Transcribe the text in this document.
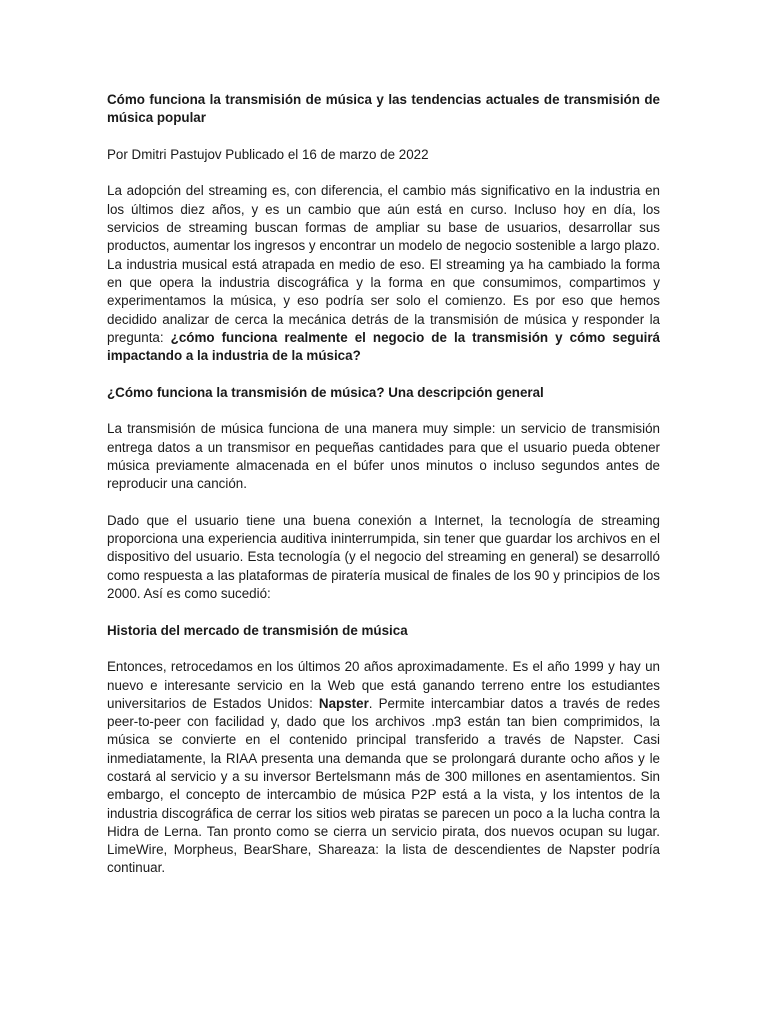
Cómo funciona la transmisión de música y las tendencias actuales de transmisión de música popular

Por Dmitri Pastujov Publicado el 16 de marzo de 2022

La adopción del streaming es, con diferencia, el cambio más significativo en la industria en los últimos diez años, y es un cambio que aún está en curso. Incluso hoy en día, los servicios de streaming buscan formas de ampliar su base de usuarios, desarrollar sus productos, aumentar los ingresos y encontrar un modelo de negocio sostenible a largo plazo. La industria musical está atrapada en medio de eso. El streaming ya ha cambiado la forma en que opera la industria discográfica y la forma en que consumimos, compartimos y experimentamos la música, y eso podría ser solo el comienzo. Es por eso que hemos decidido analizar de cerca la mecánica detrás de la transmisión de música y responder la pregunta: ¿cómo funciona realmente el negocio de la transmisión y cómo seguirá impactando a la industria de la música?

¿Cómo funciona la transmisión de música? Una descripción general

La transmisión de música funciona de una manera muy simple: un servicio de transmisión entrega datos a un transmisor en pequeñas cantidades para que el usuario pueda obtener música previamente almacenada en el búfer unos minutos o incluso segundos antes de reproducir una canción.

Dado que el usuario tiene una buena conexión a Internet, la tecnología de streaming proporciona una experiencia auditiva ininterrumpida, sin tener que guardar los archivos en el dispositivo del usuario. Esta tecnología (y el negocio del streaming en general) se desarrolló como respuesta a las plataformas de piratería musical de finales de los 90 y principios de los 2000. Así es como sucedió:

Historia del mercado de transmisión de música

Entonces, retrocedamos en los últimos 20 años aproximadamente. Es el año 1999 y hay un nuevo e interesante servicio en la Web que está ganando terreno entre los estudiantes universitarios de Estados Unidos: Napster. Permite intercambiar datos a través de redes peer-to-peer con facilidad y, dado que los archivos .mp3 están tan bien comprimidos, la música se convierte en el contenido principal transferido a través de Napster. Casi inmediatamente, la RIAA presenta una demanda que se prolongará durante ocho años y le costará al servicio y a su inversor Bertelsmann más de 300 millones en asentamientos. Sin embargo, el concepto de intercambio de música P2P está a la vista, y los intentos de la industria discográfica de cerrar los sitios web piratas se parecen un poco a la lucha contra la Hidra de Lerna. Tan pronto como se cierra un servicio pirata, dos nuevos ocupan su lugar. LimeWire, Morpheus, BearShare, Shareaza: la lista de descendientes de Napster podría continuar.
